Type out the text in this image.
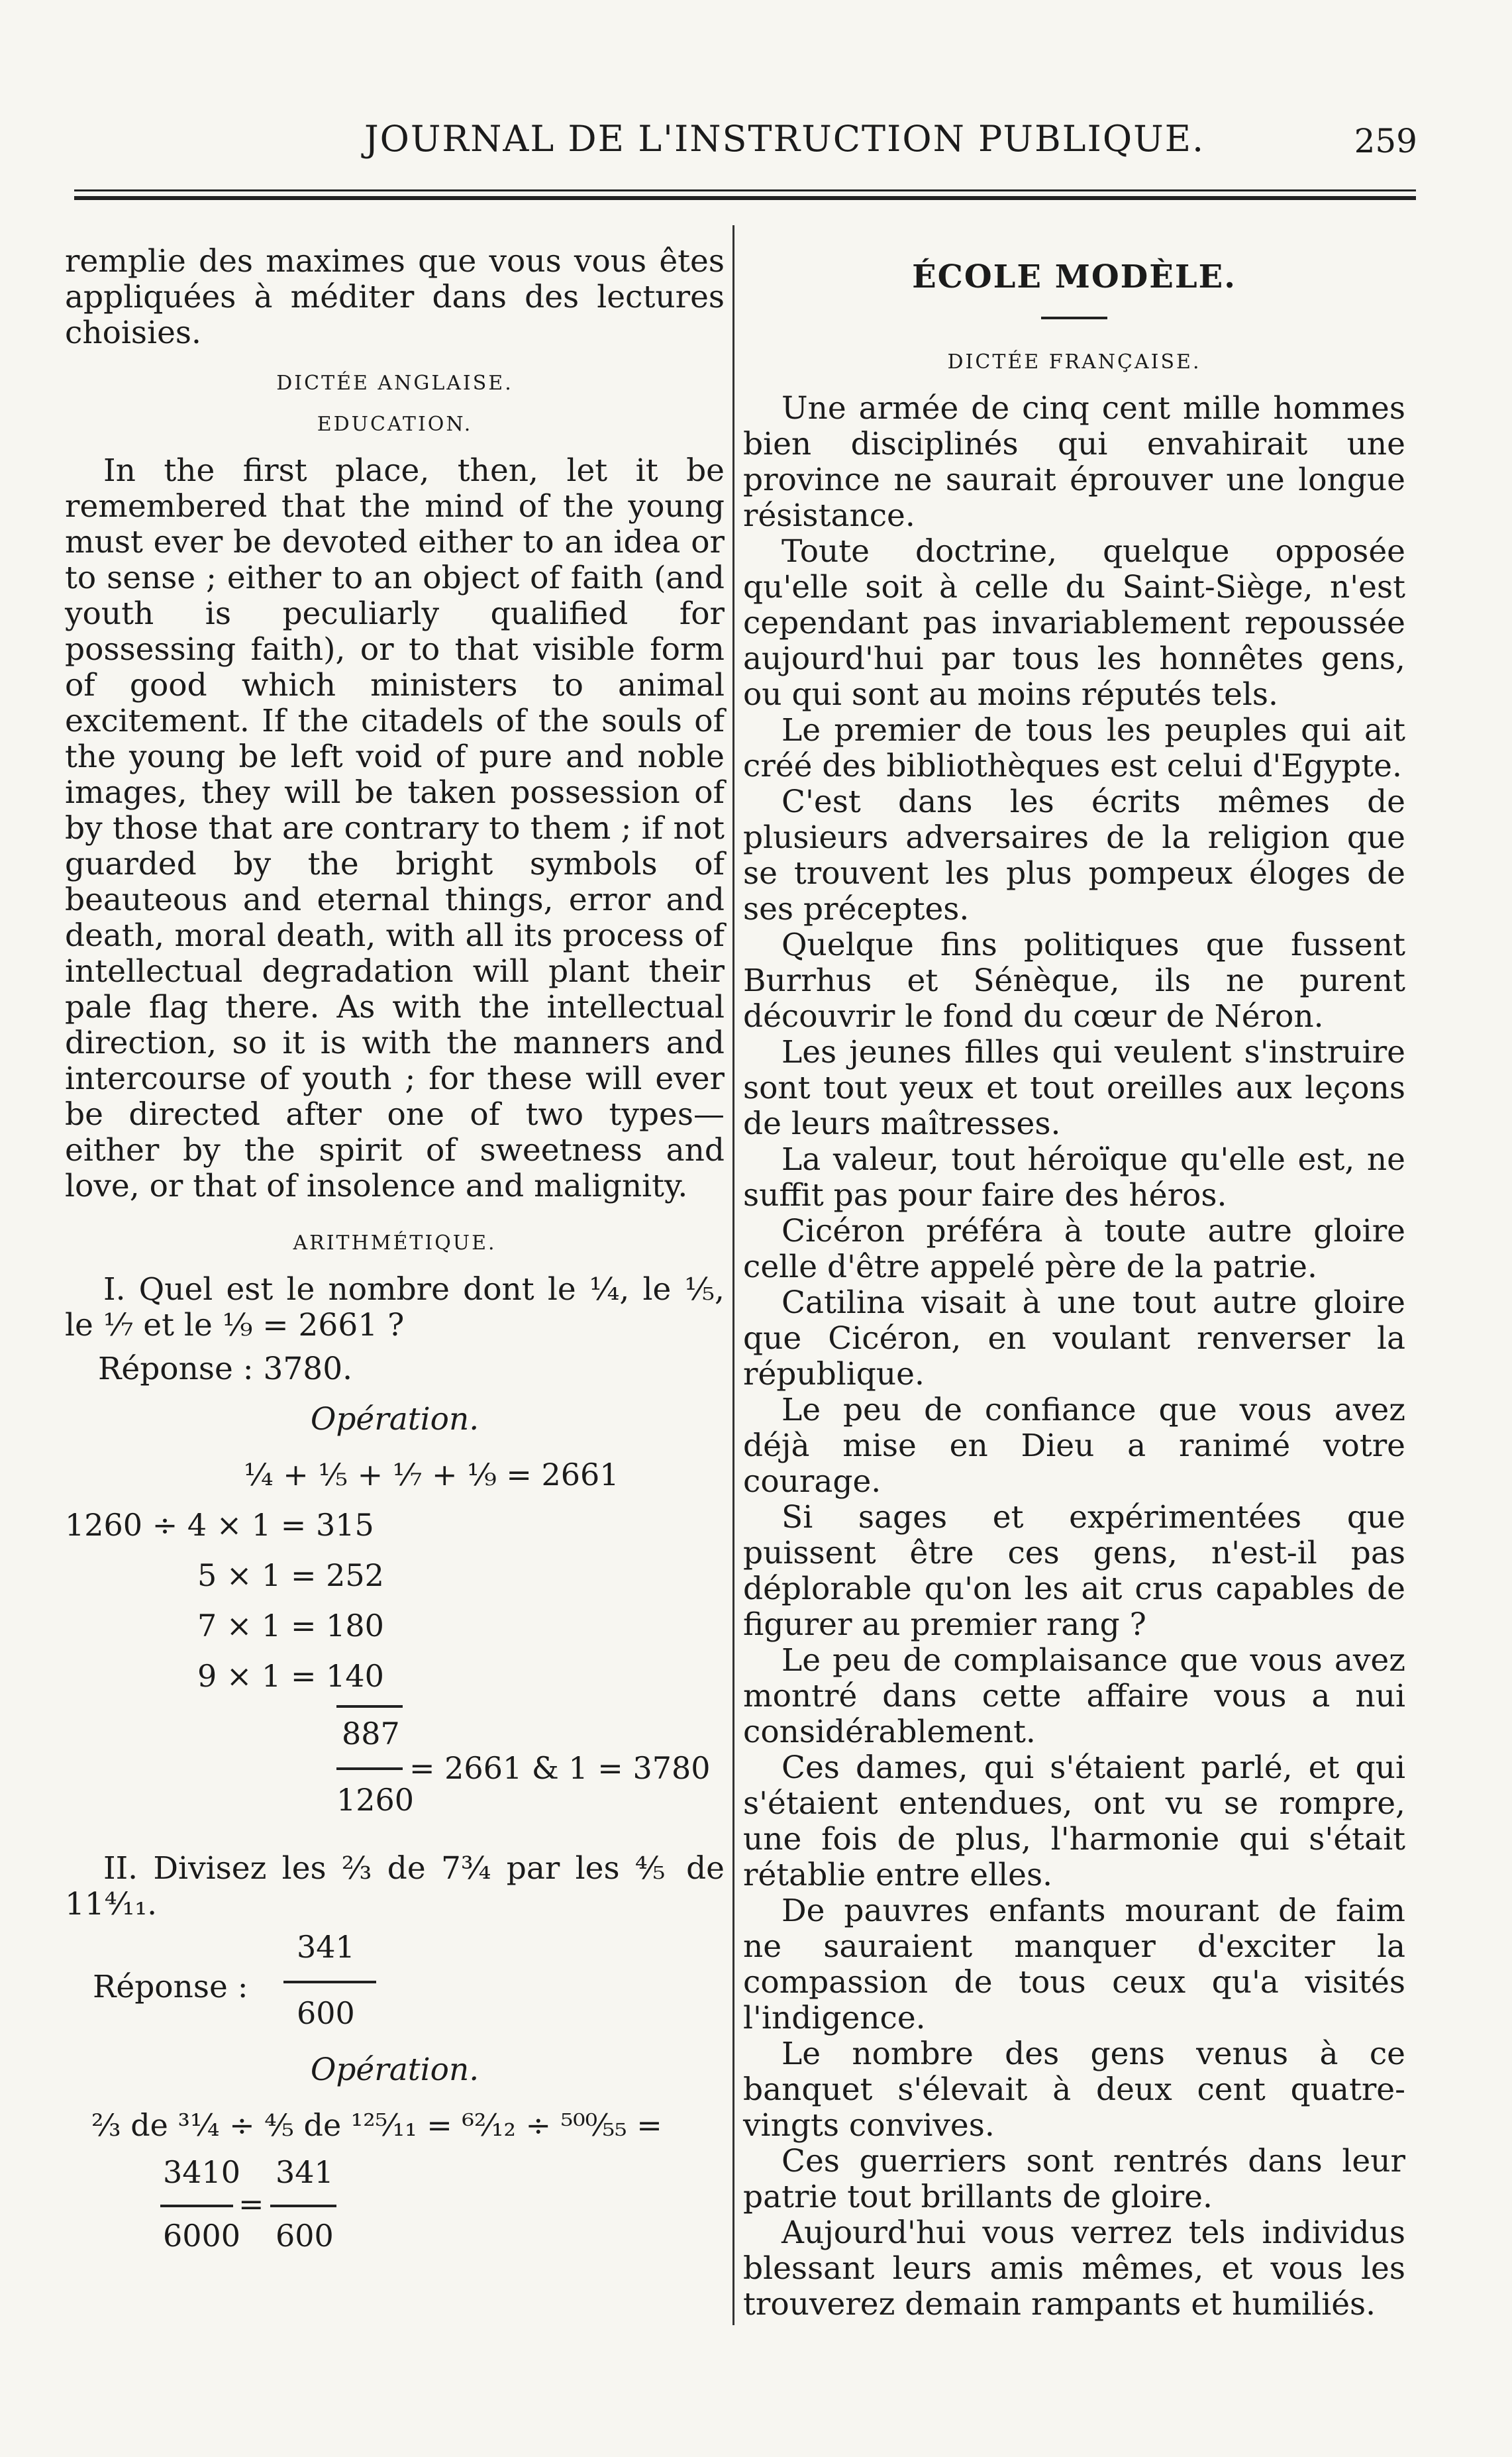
JOURNAL DE L'INSTRUCTION PUBLIQUE.	259

remplie des maximes que vous vous êtes appliquées à méditer dans des lectures choisies.

DICTÉE ANGLAISE.
EDUCATION.

In the first place, then, let it be remembered that the mind of the young must ever be devoted either to an idea or to sense ; either to an object of faith (and youth is peculiarly qualified for possessing faith), or to that visible form of good which ministers to animal excitement. If the citadels of the souls of the young be left void of pure and noble images, they will be taken possession of by those that are contrary to them ; if not guarded by the bright symbols of beauteous and eternal things, error and death, moral death, with all its process of intellectual degradation will plant their pale flag there. As with the intellectual direction, so it is with the manners and intercourse of youth ; for these will ever be directed after one of two types—either by the spirit of sweetness and love, or that of insolence and malignity.

ARITHMÉTIQUE.

I. Quel est le nombre dont le ¼, le ⅕, le ⅐ et le ⅑ = 2661 ?

Réponse : 3780.

Opération.

¼ + ⅕ + ⅐ + ⅑ = 2661
1260 ÷ 4 × 1 = 315
5 × 1 = 252
7 × 1 = 180
9 × 1 = 140
887
= 2661 & 1 = 3780
1260

II. Divisez les ⅔ de 7¾ par les ⅘ de 11⁴⁄₁₁.

Réponse :
341
600

Opération.

⅔ de ³¹⁄₄ ÷ ⅘ de ¹²⁵⁄₁₁ = ⁶²⁄₁₂ ÷ ⁵⁰⁰⁄₅₅ =
3410
6000
=
341
600
ÉCOLE MODÈLE.
DICTÉE FRANÇAISE.

Une armée de cinq cent mille hommes bien disciplinés qui envahirait une province ne saurait éprouver une longue résistance.

Toute doctrine, quelque opposée qu'elle soit à celle du Saint-Siège, n'est cependant pas invariablement repoussée aujourd'hui par tous les honnêtes gens, ou qui sont au moins réputés tels.

Le premier de tous les peuples qui ait créé des bibliothèques est celui d'Egypte.

C'est dans les écrits mêmes de plusieurs adversaires de la religion que se trouvent les plus pompeux éloges de ses préceptes.

Quelque fins politiques que fussent Burrhus et Sénèque, ils ne purent découvrir le fond du cœur de Néron.

Les jeunes filles qui veulent s'instruire sont tout yeux et tout oreilles aux leçons de leurs maîtresses.

La valeur, tout héroïque qu'elle est, ne suffit pas pour faire des héros.

Cicéron préféra à toute autre gloire celle d'être appelé père de la patrie.

Catilina visait à une tout autre gloire que Cicéron, en voulant renverser la république.

Le peu de confiance que vous avez déjà mise en Dieu a ranimé votre courage.

Si sages et expérimentées que puissent être ces gens, n'est-il pas déplorable qu'on les ait crus capables de figurer au premier rang ?

Le peu de complaisance que vous avez montré dans cette affaire vous a nui considérablement.

Ces dames, qui s'étaient parlé, et qui s'étaient entendues, ont vu se rompre, une fois de plus, l'harmonie qui s'était rétablie entre elles.

De pauvres enfants mourant de faim ne sauraient manquer d'exciter la compassion de tous ceux qu'a visités l'indigence.

Le nombre des gens venus à ce banquet s'élevait à deux cent quatre-vingts convives.

Ces guerriers sont rentrés dans leur patrie tout brillants de gloire.

Aujourd'hui vous verrez tels individus blessant leurs amis mêmes, et vous les trouverez demain rampants et humiliés.
